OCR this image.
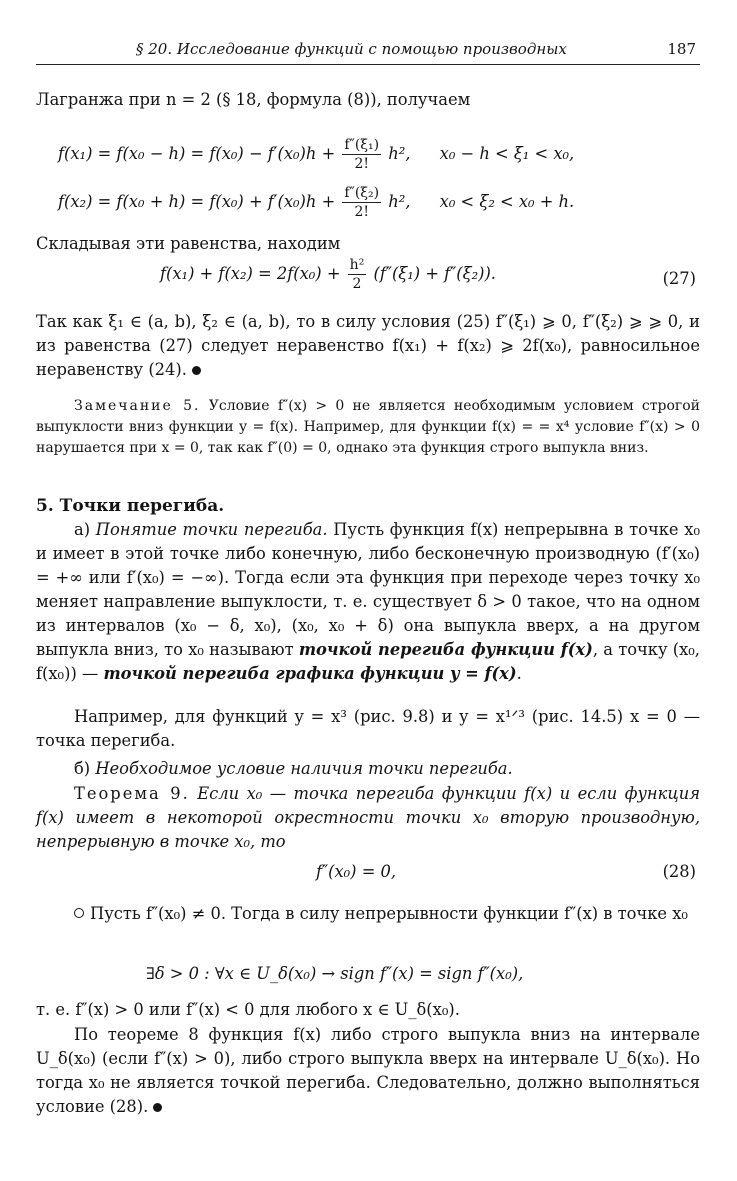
§ 20. Исследование функций с помощью производных	187

Лагранжа при n = 2 (§ 18, формула (8)), получаем

$f(x_1) = f(x_0 - h) = f(x_0) - f'(x_0)h + \frac{\text{f″(ξ₁)}}{2!} h^2$, x₀ − h < ξ₁ < x₀,
$f(x_2) = f(x_0 + h) = f(x_0) + f'(x_0)h + \frac{\text{f″(ξ₂)}}{2!} h^2$, x₀ < ξ₂ < x₀ + h.

Складывая эти равенства, находим

$f(x_1) + f(x_2) = 2f(x_0) + \frac{\text{h²}}{2} (f''(\xi_1) + f''(\xi_2))$.	(27)

Так как ξ₁ ∈ (a, b), ξ₂ ∈ (a, b), то в силу условия (25) f″(ξ₁) ⩾ 0, f″(ξ₂) ⩾ ⩾ 0, и из равенства (27) следует неравенство f(x₁) + f(x₂) ⩾ 2f(x₀), равносильное неравенству (24).

Замечание 5. Условие f″(x) > 0 не является необходимым условием строгой выпуклости вниз функции y = f(x). Например, для функции f(x) = = x⁴ условие f″(x) > 0 нарушается при x = 0, так как f″(0) = 0, однако эта функция строго выпукла вниз.

5. Точки перегиба.

а) Понятие точки перегиба. Пусть функция f(x) непрерывна в точке x₀ и имеет в этой точке либо конечную, либо бесконечную производную (f′(x₀) = +∞ или f′(x₀) = −∞). Тогда если эта функция при переходе через точку x₀ меняет направление выпуклости, т. е. существует δ > 0 такое, что на одном из интервалов (x₀ − δ, x₀), (x₀, x₀ + δ) она выпукла вверх, а на другом выпукла вниз, то x₀ называют точкой перегиба функции f(x), а точку (x₀, f(x₀)) — точкой перегиба графика функции y = f(x).

Например, для функций y = x³ (рис. 9.8) и y = x¹ᐟ³ (рис. 14.5) x = 0 — точка перегиба.

б) Необходимое условие наличия точки перегиба.

Теорема 9. Если x₀ — точка перегиба функции f(x) и если функция f(x) имеет в некоторой окрестности точки x₀ вторую производную, непрерывную в точке x₀, то

f″(x₀) = 0,	(28)

Пусть f″(x₀) ≠ 0. Тогда в силу непрерывности функции f″(x) в точке x₀

∃δ > 0 : ∀x ∈ U_δ(x₀) → sign f″(x) = sign f″(x₀),

т. е. f″(x) > 0 или f″(x) < 0 для любого x ∈ U_δ(x₀).

По теореме 8 функция f(x) либо строго выпукла вниз на интервале U_δ(x₀) (если f″(x) > 0), либо строго выпукла вверх на интервале U_δ(x₀). Но тогда x₀ не является точкой перегиба. Следовательно, должно выполняться условие (28).
